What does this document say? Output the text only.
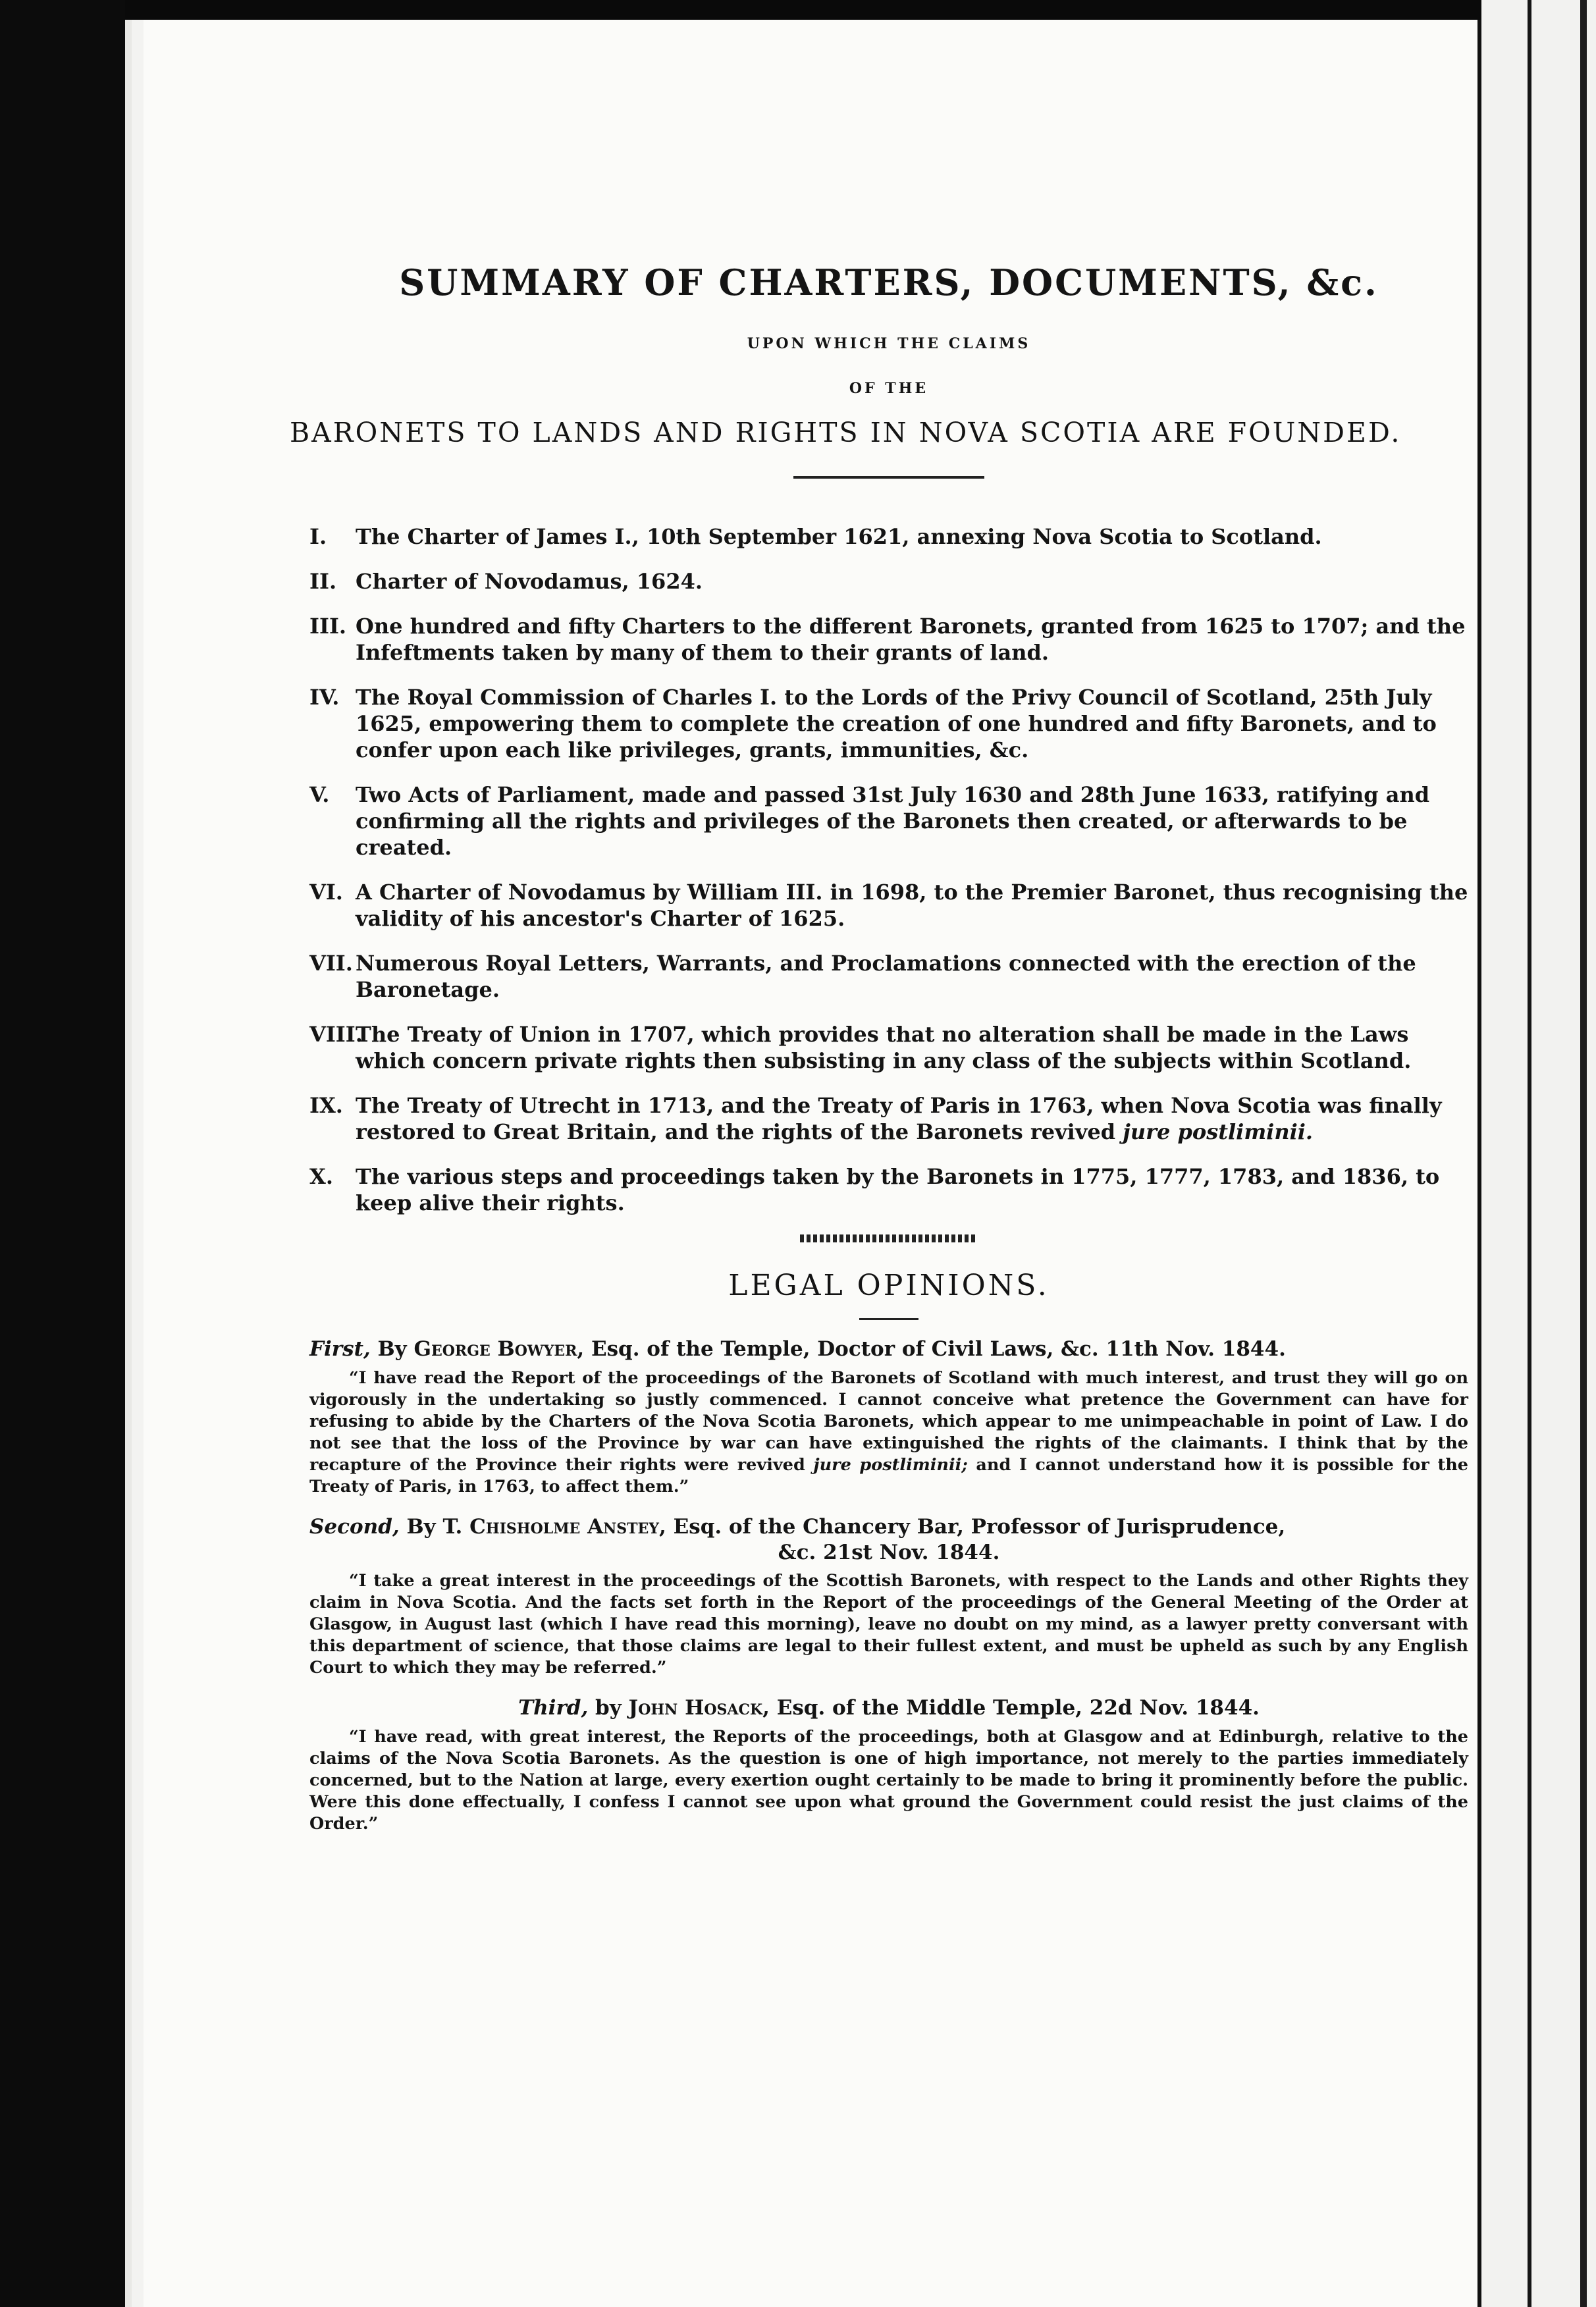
SUMMARY OF CHARTERS, DOCUMENTS, &c.
UPON WHICH THE CLAIMS
OF THE
BARONETS TO LANDS AND RIGHTS IN NOVA SCOTIA ARE FOUNDED.
I. The Charter of James I., 10th September 1621, annexing Nova Scotia to Scotland.
II. Charter of Novodamus, 1624.
III. One hundred and fifty Charters to the different Baronets, granted from 1625 to 1707; and the Infeftments taken by many of them to their grants of land.
IV. The Royal Commission of Charles I. to the Lords of the Privy Council of Scotland, 25th July 1625, empowering them to complete the creation of one hundred and fifty Baronets, and to confer upon each like privileges, grants, immunities, &c.
V. Two Acts of Parliament, made and passed 31st July 1630 and 28th June 1633, ratifying and confirming all the rights and privileges of the Baronets then created, or afterwards to be created.
VI. A Charter of Novodamus by William III. in 1698, to the Premier Baronet, thus recognising the validity of his ancestor's Charter of 1625.
VII. Numerous Royal Letters, Warrants, and Proclamations connected with the erection of the Baronetage.
VIII.The Treaty of Union in 1707, which provides that no alteration shall be made in the Laws which concern private rights then subsisting in any class of the subjects within Scotland.
IX. The Treaty of Utrecht in 1713, and the Treaty of Paris in 1763, when Nova Scotia was finally restored to Great Britain, and the rights of the Baronets revived jure postliminii.
X. The various steps and proceedings taken by the Baronets in 1775, 1777, 1783, and 1836, to keep alive their rights.
LEGAL OPINIONS.
First, By George Bowyer, Esq. of the Temple, Doctor of Civil Laws, &c. 11th Nov. 1844.
“I have read the Report of the proceedings of the Baronets of Scotland with much interest, and trust they will go on vigorously in the undertaking so justly commenced. I cannot conceive what pretence the Government can have for refusing to abide by the Charters of the Nova Scotia Baronets, which appear to me unimpeachable in point of Law. I do not see that the loss of the Province by war can have extinguished the rights of the claimants. I think that by the recapture of the Province their rights were revived jure postliminii; and I cannot understand how it is possible for the Treaty of Paris, in 1763, to affect them.”
Second, By T. Chisholme Anstey, Esq. of the Chancery Bar, Professor of Jurisprudence,
&c. 21st Nov. 1844.
“I take a great interest in the proceedings of the Scottish Baronets, with respect to the Lands and other Rights they claim in Nova Scotia. And the facts set forth in the Report of the proceedings of the General Meeting of the Order at Glasgow, in August last (which I have read this morning), leave no doubt on my mind, as a lawyer pretty conversant with this department of science, that those claims are legal to their fullest extent, and must be upheld as such by any English Court to which they may be referred.”
Third, by John Hosack, Esq. of the Middle Temple, 22d Nov. 1844.
“I have read, with great interest, the Reports of the proceedings, both at Glasgow and at Edinburgh, relative to the claims of the Nova Scotia Baronets. As the question is one of high importance, not merely to the parties immediately concerned, but to the Nation at large, every exertion ought certainly to be made to bring it prominently before the public. Were this done effectually, I confess I cannot see upon what ground the Government could resist the just claims of the Order.”
